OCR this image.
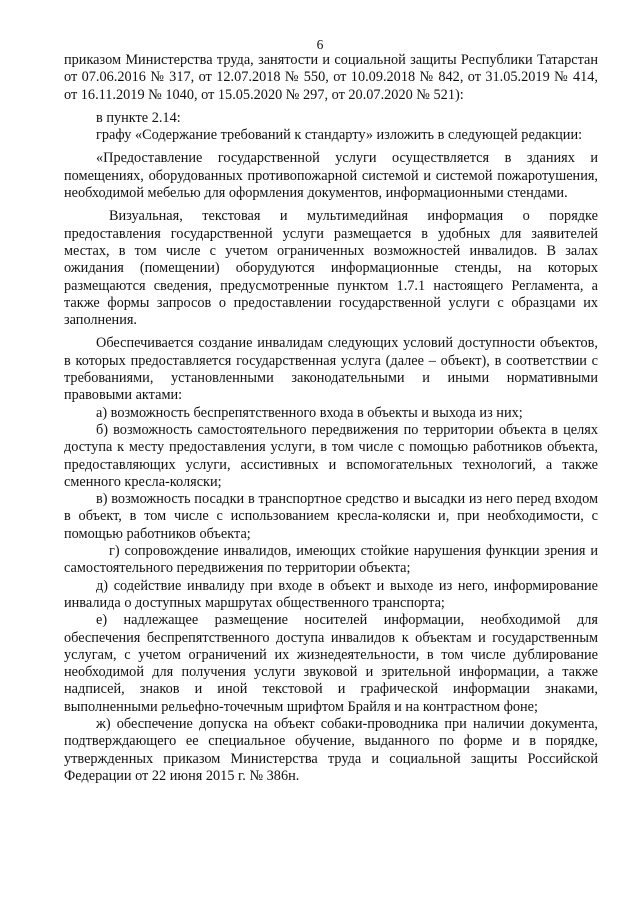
6

приказом Министерства труда, занятости и социальной защиты Республики Татарстан от 07.06.2016 № 317, от 12.07.2018 № 550, от 10.09.2018 № 842, от 31.05.2019 № 414, от 16.11.2019 № 1040, от 15.05.2020 № 297, от 20.07.2020 № 521):

в пункте 2.14:

графу «Содержание требований к стандарту» изложить в следующей редакции:

«Предоставление государственной услуги осуществляется в зданиях и помещениях, оборудованных противопожарной системой и системой пожаротушения, необходимой мебелью для оформления документов, информационными стендами.

Визуальная, текстовая и мультимедийная информация о порядке предоставления государственной услуги размещается в удобных для заявителей местах, в том числе с учетом ограниченных возможностей инвалидов. В залах ожидания (помещении) оборудуются информационные стенды, на которых размещаются сведения, предусмотренные пунктом 1.7.1 настоящего Регламента, а также формы запросов о предоставлении государственной услуги с образцами их заполнения.

Обеспечивается создание инвалидам следующих условий доступности объектов, в которых предоставляется государственная услуга (далее – объект), в соответствии с требованиями, установленными законодательными и иными нормативными правовыми актами:

а) возможность беспрепятственного входа в объекты и выхода из них;

б) возможность самостоятельного передвижения по территории объекта в целях доступа к месту предоставления услуги, в том числе с помощью работников объекта, предоставляющих услуги, ассистивных и вспомогательных технологий, а также сменного кресла-коляски;

в) возможность посадки в транспортное средство и высадки из него перед входом в объект, в том числе с использованием кресла-коляски и, при необходимости, с помощью работников объекта;

г) сопровождение инвалидов, имеющих стойкие нарушения функции зрения и самостоятельного передвижения по территории объекта;

д) содействие инвалиду при входе в объект и выходе из него, информирование инвалида о доступных маршрутах общественного транспорта;

е) надлежащее размещение носителей информации, необходимой для обеспечения беспрепятственного доступа инвалидов к объектам и государственным услугам, с учетом ограничений их жизнедеятельности, в том числе дублирование необходимой для получения услуги звуковой и зрительной информации, а также надписей, знаков и иной текстовой и графической информации знаками, выполненными рельефно-точечным шрифтом Брайля и на контрастном фоне;

ж) обеспечение допуска на объект собаки-проводника при наличии документа, подтверждающего ее специальное обучение, выданного по форме и в порядке, утвержденных приказом Министерства труда и социальной защиты Российской Федерации от 22 июня 2015 г. № 386н.
